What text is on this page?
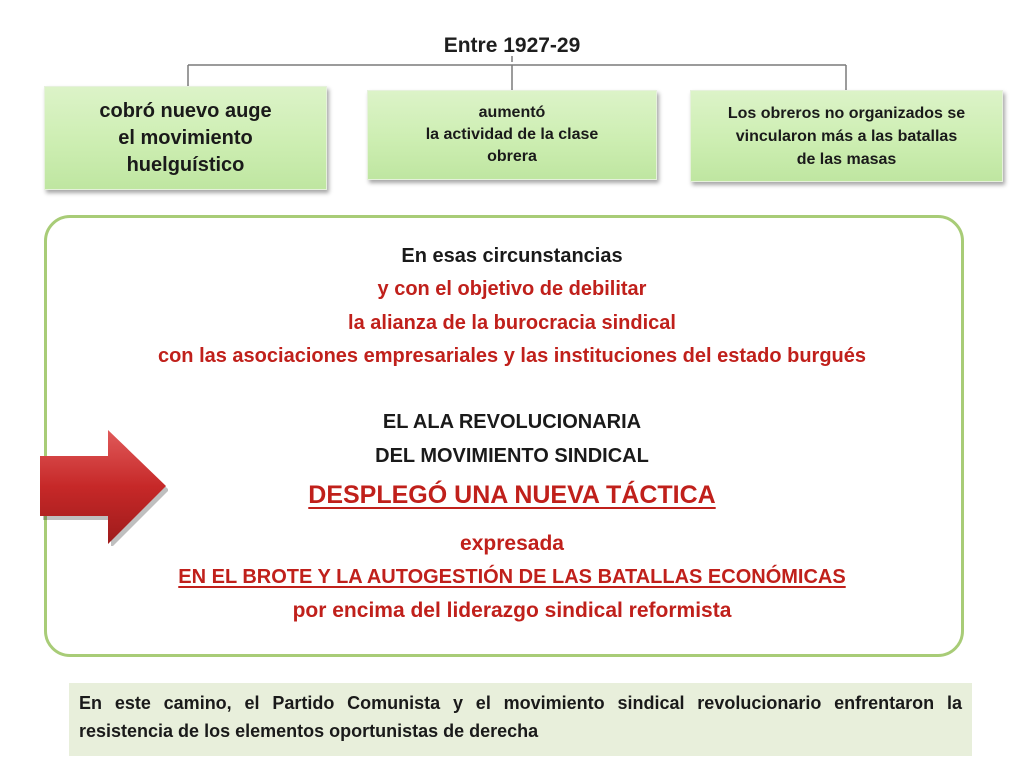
Entre 1927-29
cobró nuevo auge
el movimiento
huelguístico
aumentó
la actividad de la clase
obrera
Los obreros no organizados se
vincularon más a las batallas
de las masas
En esas circunstancias
y con el objetivo de debilitar
la alianza de la burocracia sindical
con las asociaciones empresariales y las instituciones del estado burgués
EL ALA REVOLUCIONARIA
DEL MOVIMIENTO SINDICAL
DESPLEGÓ UNA NUEVA TÁCTICA
expresada
EN EL BROTE Y LA AUTOGESTIÓN DE LAS BATALLAS ECONÓMICAS
por encima del liderazgo sindical reformista
En este camino, el Partido Comunista y el movimiento sindical revolucionario enfrentaron la resistencia de los elementos oportunistas de derecha
